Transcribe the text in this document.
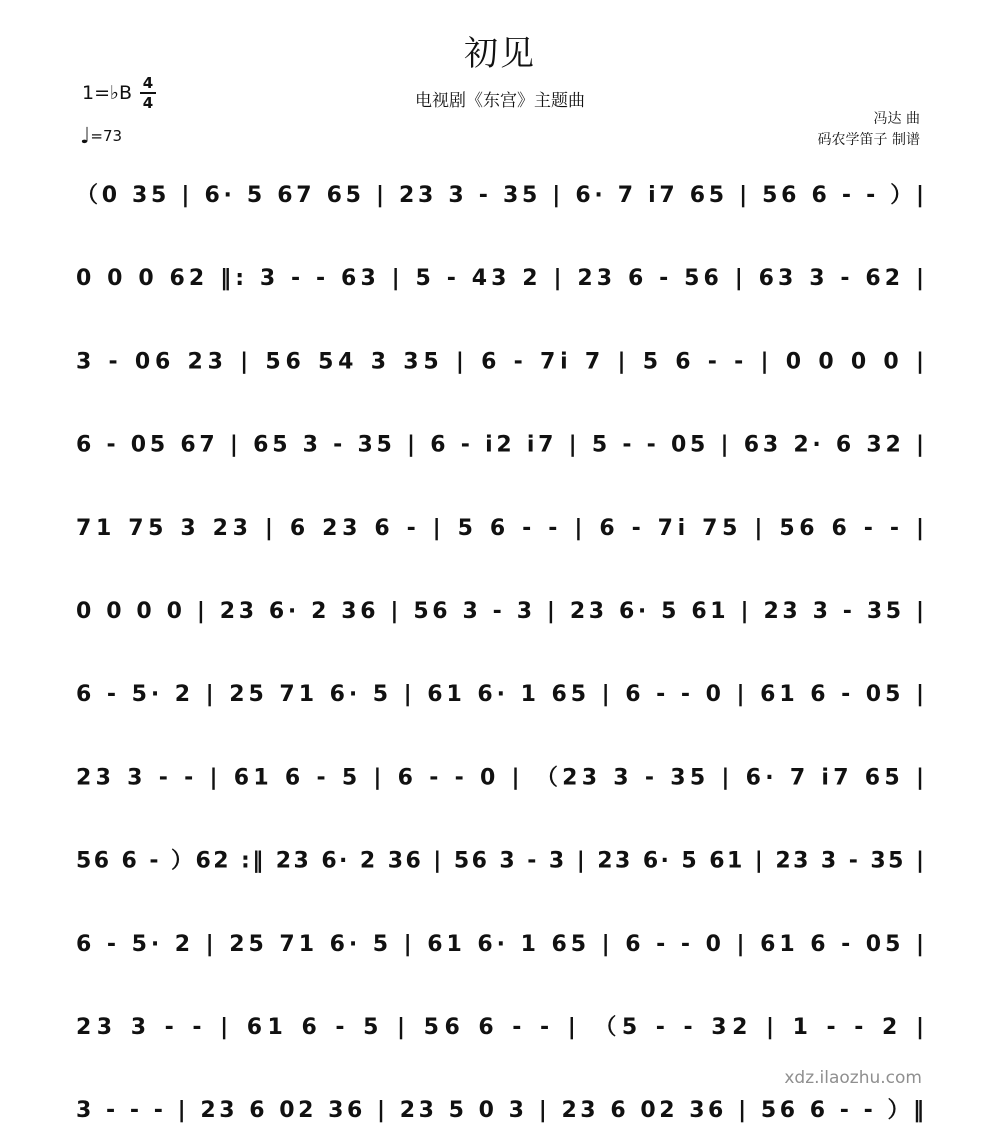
初见
电视剧《东宫》主题曲
1=♭B 4
4
♩=73
冯达 曲
码农学笛子 制谱
（0 35 | 6· 5 67 65 | 23 3 - 35 | 6· 7 i7 65 | 56 6 - - ）|
0 0 0 62 ‖: 3 - - 63 | 5 - 43 2 | 23 6 - 56 | 63 3 - 62 |
3 - 06 23 | 56 54 3 35 | 6 - 7i 7 | 5 6 - - | 0 0 0 0 |
6 - 05 67 | 65 3 - 35 | 6 - i2 i7 | 5 - - 05 | 63 2· 6 32 |
71 75 3 23 | 6 23 6 - | 5 6 - - | 6 - 7i 75 | 56 6 - - |
0 0 0 0 | 23 6· 2 36 | 56 3 - 3 | 23 6· 5 61 | 23 3 - 35 |
6 - 5· 2 | 25 71 6· 5 | 61 6· 1 65 | 6 - - 0 | 61 6 - 05 |
23 3 - - | 61 6 - 5 | 6 - - 0 | （23 3 - 35 | 6· 7 i7 65 |
56 6 - ）62 :‖ 23 6· 2 36 | 56 3 - 3 | 23 6· 5 61 | 23 3 - 35 |
6 - 5· 2 | 25 71 6· 5 | 61 6· 1 65 | 6 - - 0 | 61 6 - 05 |
23 3 - - | 61 6 - 5 | 56 6 - - | （5 - - 32 | 1 - - 2 |
3 - - - | 23 6 02 36 | 23 5 0 3 | 23 6 02 36 | 56 6 - - ）‖
xdz.ilaozhu.com
